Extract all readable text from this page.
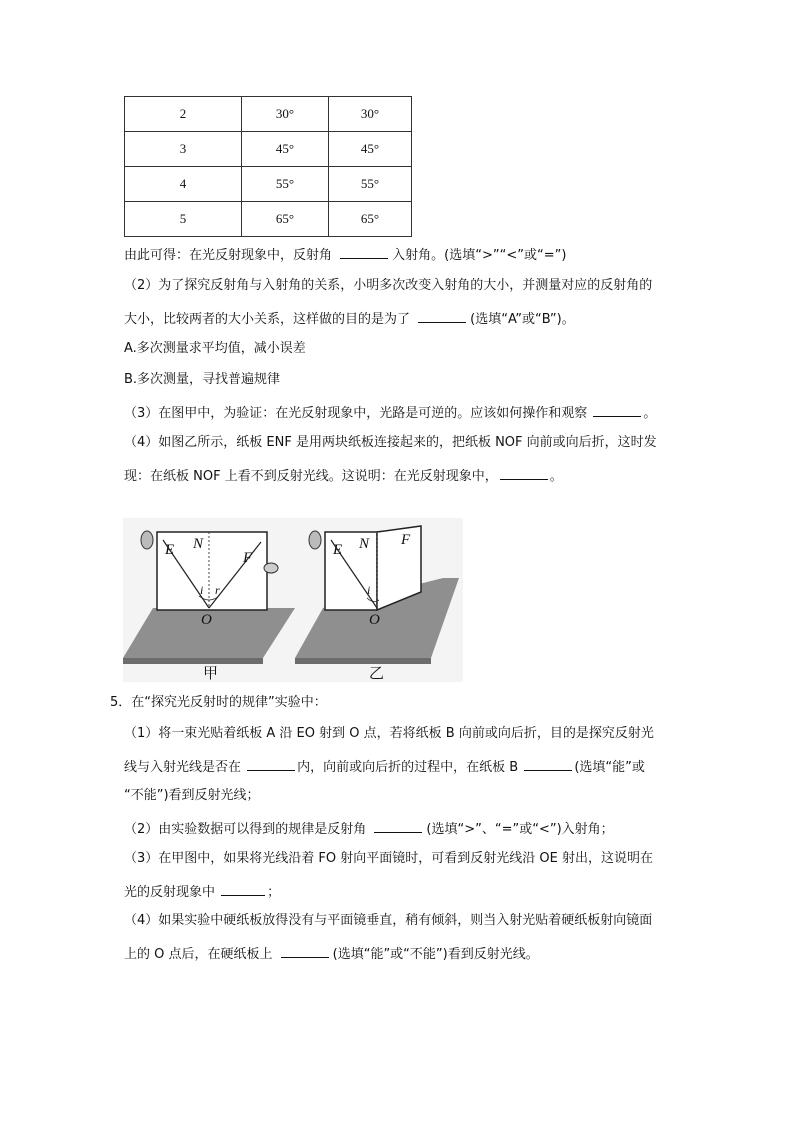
2	30°	30°
3	45°	45°
4	55°	55°
5	65°	65°
由此可得：在光反射现象中，反射角	入射角。(选填“>”“<”或“=”)
（2）为了探究反射角与入射角的关系，小明多次改变入射角的大小，并测量对应的反射角的
大小，比较两者的大小关系，这样做的目的是为了	(选填“A”或“B”)。
A.多次测量求平均值，减小误差
B.多次测量，寻找普遍规律
（3）在图甲中，为验证：在光反射现象中，光路是可逆的。应该如何操作和观察	。
（4）如图乙所示，纸板 ENF 是用两块纸板连接起来的，把纸板 NOF 向前或向后折，这时发
现：在纸板 NOF 上看不到反射光线。这说明：在光反射现象中，	。
E N
F
i r
O
E N F
i
O
甲	乙
5．在“探究光反射时的规律”实验中：
（1）将一束光贴着纸板 A 沿 EO 射到 O 点，若将纸板 B 向前或向后折，目的是探究反射光
线与入射光线是否在	内，向前或向后折的过程中，在纸板 B	(选填“能”或
“不能”)看到反射光线；
（2）由实验数据可以得到的规律是反射角	(选填“>”、“=”或“<”)入射角；
（3）在甲图中，如果将光线沿着 FO 射向平面镜时，可看到反射光线沿 OE 射出，这说明在
光的反射现象中	；
（4）如果实验中硬纸板放得没有与平面镜垂直，稍有倾斜，则当入射光贴着硬纸板射向镜面
上的 O 点后，在硬纸板上	(选填“能”或“不能”)看到反射光线。
